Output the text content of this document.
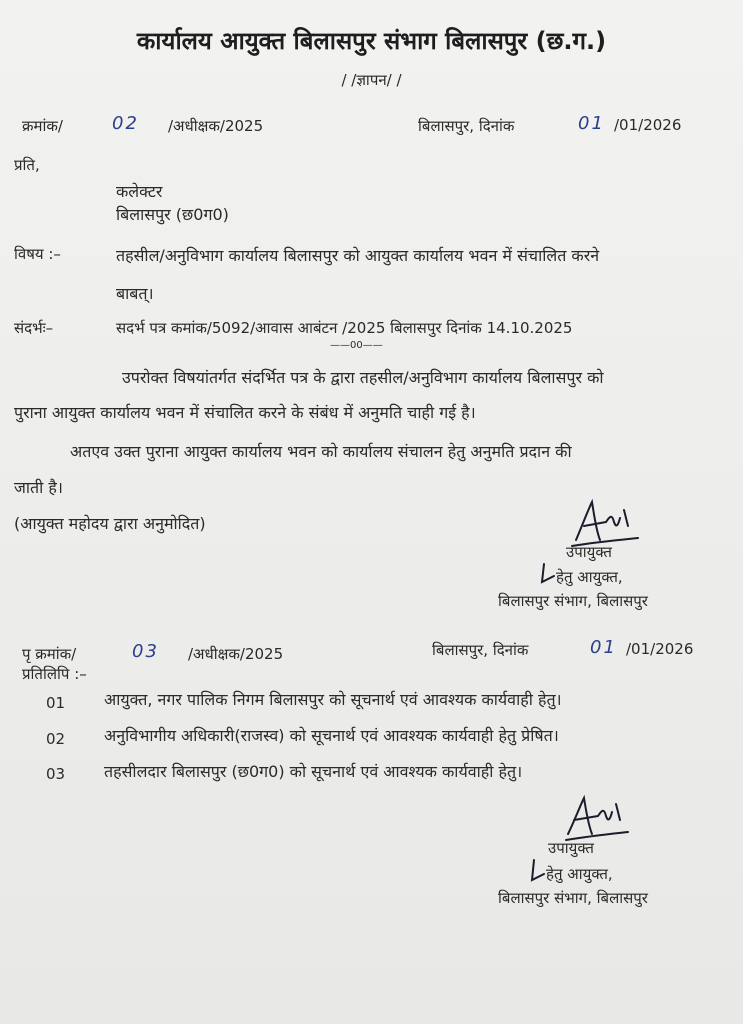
कार्यालय आयुक्त बिलासपुर संभाग बिलासपुर (छ.ग.)
/ /ज्ञापन/ /
क्रमांक/	02 /अधीक्षक/2025	बिलासपुर, दिनांक	01 /01/2026
प्रति,
कलेक्टर
बिलासपुर (छ0ग0)
विषय :–	तहसील/अनुविभाग कार्यालय बिलासपुर को आयुक्त कार्यालय भवन में संचालित करने
बाबत्।
संदर्भः–	सदर्भ पत्र कमांक/5092/आवास आबंटन /2025 बिलासपुर दिनांक 14.10.2025
——00——
उपरोक्त विषयांतर्गत संदर्भित पत्र के द्वारा तहसील/अनुविभाग कार्यालय बिलासपुर को
पुराना आयुक्त कार्यालय भवन में संचालित करने के संबंध में अनुमति चाही गई है।
अतएव उक्त पुराना आयुक्त कार्यालय भवन को कार्यालय संचालन हेतु अनुमति प्रदान की
जाती है।
(आयुक्त महोदय द्वारा अनुमोदित)
उपायुक्त
हेतु आयुक्त,
बिलासपुर संभाग, बिलासपुर
पृ क्रमांक/	03 /अधीक्षक/2025	बिलासपुर, दिनांक	01 /01/2026
प्रतिलिपि :–
01 आयुक्त, नगर पालिक निगम बिलासपुर को सूचनार्थ एवं आवश्यक कार्यवाही हेतु।
02 अनुविभागीय अधिकारी(राजस्व) को सूचनार्थ एवं आवश्यक कार्यवाही हेतु प्रेषित।
03 तहसीलदार बिलासपुर (छ0ग0) को सूचनार्थ एवं आवश्यक कार्यवाही हेतु।
उपायुक्त
हेतु आयुक्त,
बिलासपुर संभाग, बिलासपुर
